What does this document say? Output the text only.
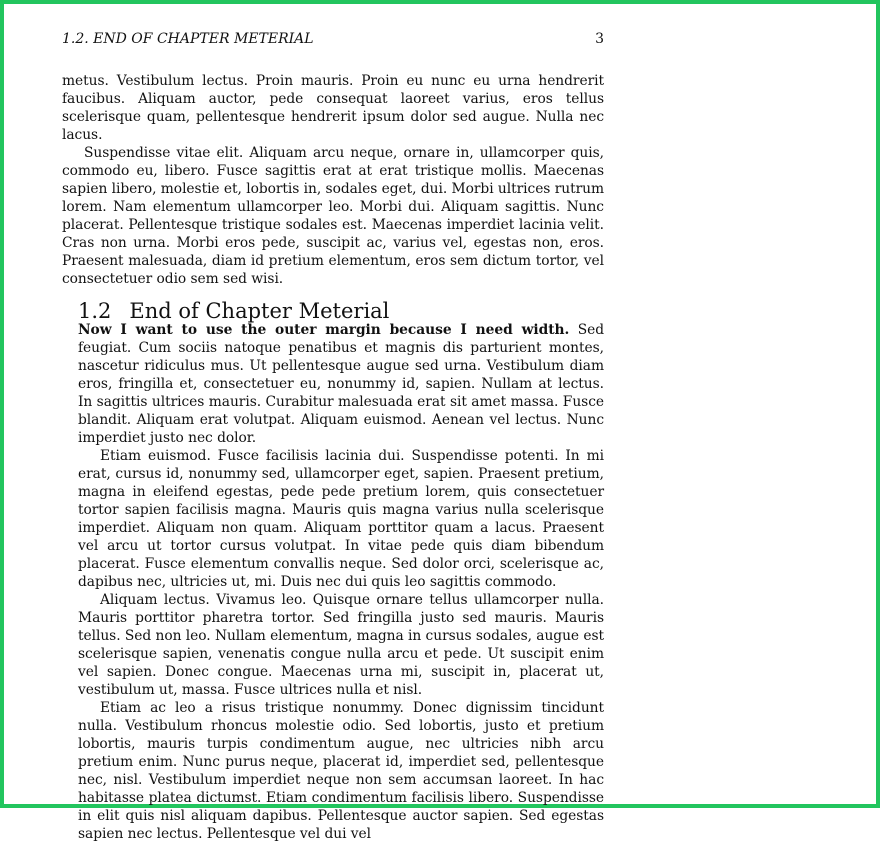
1.2. END OF CHAPTER METERIAL	3

metus. Vestibulum lectus. Proin mauris. Proin eu nunc eu urna hendrerit faucibus. Aliquam auctor, pede consequat laoreet varius, eros tellus scelerisque quam, pellentesque hendrerit ipsum dolor sed augue. Nulla nec lacus.

Suspendisse vitae elit. Aliquam arcu neque, ornare in, ullamcorper quis, commodo eu, libero. Fusce sagittis erat at erat tristique mollis. Maecenas sapien libero, molestie et, lobortis in, sodales eget, dui. Morbi ultrices rutrum lorem. Nam elementum ullamcorper leo. Morbi dui. Aliquam sagittis. Nunc placerat. Pellentesque tristique sodales est. Maecenas imperdiet lacinia velit. Cras non urna. Morbi eros pede, suscipit ac, varius vel, egestas non, eros. Praesent malesuada, diam id pretium elementum, eros sem dictum tortor, vel consectetuer odio sem sed wisi.

1.2 End of Chapter Meterial

Now I want to use the outer margin because I need width. Sed feugiat. Cum sociis natoque penatibus et magnis dis parturient montes, nascetur ridiculus mus. Ut pellentesque augue sed urna. Vestibulum diam eros, fringilla et, consectetuer eu, nonummy id, sapien. Nullam at lectus. In sagittis ultrices mauris. Curabitur malesuada erat sit amet massa. Fusce blandit. Aliquam erat volutpat. Aliquam euismod. Aenean vel lectus. Nunc imperdiet justo nec dolor.

Etiam euismod. Fusce facilisis lacinia dui. Suspendisse potenti. In mi erat, cursus id, nonummy sed, ullamcorper eget, sapien. Praesent pretium, magna in eleifend egestas, pede pede pretium lorem, quis consectetuer tortor sapien facilisis magna. Mauris quis magna varius nulla scelerisque imperdiet. Aliquam non quam. Aliquam porttitor quam a lacus. Praesent vel arcu ut tortor cursus volutpat. In vitae pede quis diam bibendum placerat. Fusce elementum convallis neque. Sed dolor orci, scelerisque ac, dapibus nec, ultricies ut, mi. Duis nec dui quis leo sagittis commodo.

Aliquam lectus. Vivamus leo. Quisque ornare tellus ullamcorper nulla. Mauris porttitor pharetra tortor. Sed fringilla justo sed mauris. Mauris tellus. Sed non leo. Nullam elementum, magna in cursus sodales, augue est scelerisque sapien, venenatis congue nulla arcu et pede. Ut suscipit enim vel sapien. Donec congue. Maecenas urna mi, suscipit in, placerat ut, vestibulum ut, massa. Fusce ultrices nulla et nisl.

Etiam ac leo a risus tristique nonummy. Donec dignissim tincidunt nulla. Vestibulum rhoncus molestie odio. Sed lobortis, justo et pretium lobortis, mauris turpis condimentum augue, nec ultricies nibh arcu pretium enim. Nunc purus neque, placerat id, imperdiet sed, pellentesque nec, nisl. Vestibulum imperdiet neque non sem accumsan laoreet. In hac habitasse platea dictumst. Etiam condimentum facilisis libero. Suspendisse in elit quis nisl aliquam dapibus. Pellentesque auctor sapien. Sed egestas sapien nec lectus. Pellentesque vel dui vel
